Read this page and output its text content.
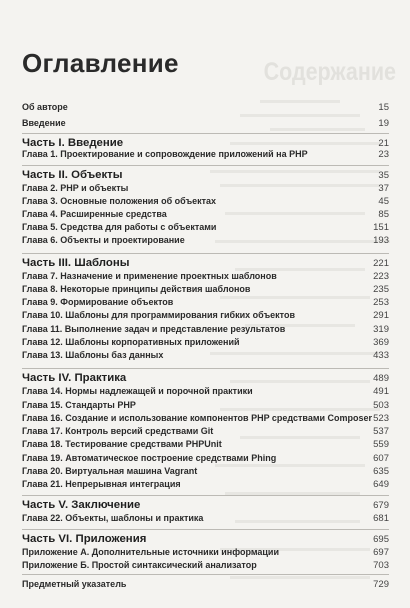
Содержание
Оглавление
Об авторе	15
Введение	19
Часть I. Введение	21
Глава 1. Проектирование и сопровождение приложений на PHP	23
Часть II. Объекты	35
Глава 2. PHP и объекты	37
Глава 3. Основные положения об объектах	45
Глава 4. Расширенные средства	85
Глава 5. Средства для работы с объектами	151
Глава 6. Объекты и проектирование	193
Часть III. Шаблоны	221
Глава 7. Назначение и применение проектных шаблонов	223
Глава 8. Некоторые принципы действия шаблонов	235
Глава 9. Формирование объектов	253
Глава 10. Шаблоны для программирования гибких объектов	291
Глава 11. Выполнение задач и представление результатов	319
Глава 12. Шаблоны корпоративных приложений	369
Глава 13. Шаблоны баз данных	433
Часть IV. Практика	489
Глава 14. Нормы надлежащей и порочной практики	491
Глава 15. Стандарты PHP	503
Глава 16. Создание и использование компонентов PHP средствами Composer 523
Глава 17. Контроль версий средствами Git	537
Глава 18. Тестирование средствами PHPUnit	559
Глава 19. Автоматическое построение средствами Phing	607
Глава 20. Виртуальная машина Vagrant	635
Глава 21. Непрерывная интеграция	649
Часть V. Заключение	679
Глава 22. Объекты, шаблоны и практика	681
Часть VI. Приложения	695
Приложение А. Дополнительные источники информации	697
Приложение Б. Простой синтаксический анализатор	703
Предметный указатель	729
